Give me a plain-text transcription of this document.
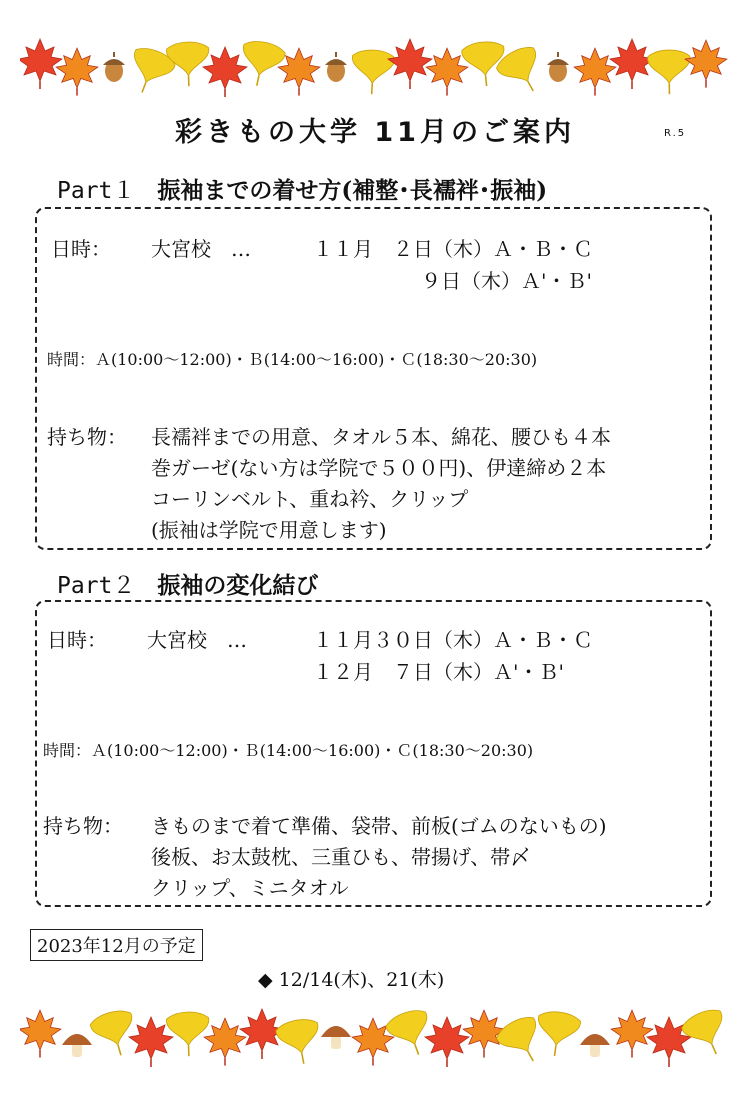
彩きもの大学 11月のご案内	R.5
Part１ 振袖までの着せ方(補整･長襦袢･振袖)
日時： 大宮校　…	１１月　２日（木）Ａ・Ｂ・Ｃ
９日（木）Ａ'・Ｂ'
時間：Ａ(10:00～12:00)・Ｂ(14:00～16:00)・Ｃ(18:30～20:30)
持ち物： 長襦袢までの用意、タオル５本、綿花、腰ひも４本
巻ガーゼ(ない方は学院で５００円)、伊達締め２本
コーリンベルト、重ね衿、クリップ
(振袖は学院で用意します)
Part２ 振袖の変化結び
日時： 大宮校　…	１１月３０日（木）Ａ・Ｂ・Ｃ
１２月　７日（木）Ａ'・Ｂ'
時間：Ａ(10:00～12:00)・Ｂ(14:00～16:00)・Ｃ(18:30～20:30)
持ち物： きものまで着て準備、袋帯、前板(ゴムのないもの)
後板、お太鼓枕、三重ひも、帯揚げ、帯〆
クリップ、ミニタオル
2023年12月の予定
◆ 12/14(木)、21(木)
